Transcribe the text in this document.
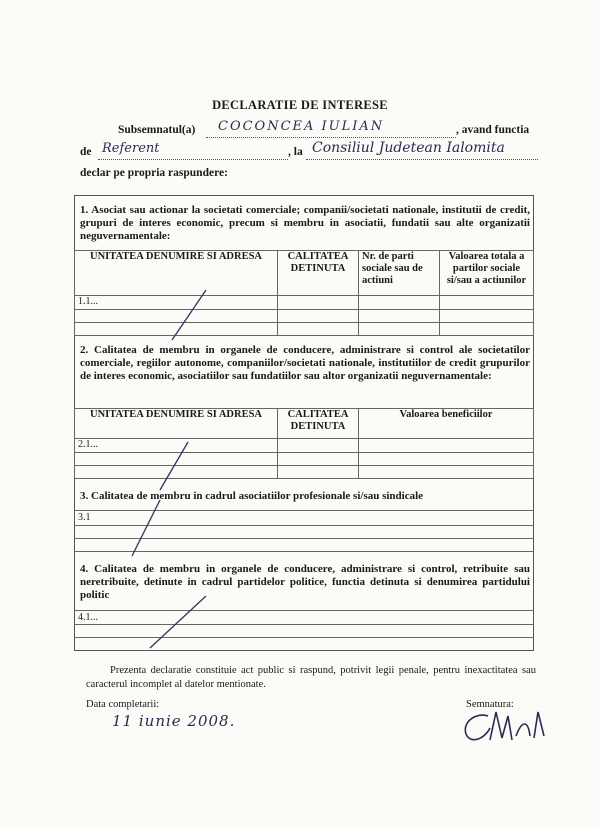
DECLARATIE DE INTERESE
Subsemnatul(a) COCONCEA IULIAN	, avand functia
de Referent	, la Consiliul Judetean Ialomita
declar pe propria raspundere:
1. Asociat sau actionar la societati comerciale; companii/societati nationale, institutii de credit, grupuri de interes economic, precum si membru in asociatii, fundatii sau alte organizatii neguvernamentale:
UNITATEA DENUMIRE SI ADRESA	CALITATEA DETINUTA	Nr. de parti sociale sau de actiuni	Valoarea totala a partilor sociale si/sau a actiunilor
1.1...			

2. Calitatea de membru in organele de conducere, administrare si control ale societatilor comerciale, regiilor autonome, companiilor/societati nationale, institutiilor de credit grupurilor de interes economic, asociatiilor sau fundatiilor sau altor organizatii neguvernamentale:
UNITATEA DENUMIRE SI ADRESA	CALITATEA DETINUTA	Valoarea beneficiilor
2.1...		

3. Calitatea de membru in cadrul asociatiilor profesionale si/sau sindicale
3.1
4. Calitatea de membru in organele de conducere, administrare si control, retribuite sau neretribuite, detinute in cadrul partidelor politice, functia detinuta si denumirea partidului politic
4.1...
Prezenta declaratie constituie act public si raspund, potrivit legii penale, pentru inexactitatea sau caracterul incomplet al datelor mentionate.
Data completarii:
11 iunie 2008.
Semnatura:
